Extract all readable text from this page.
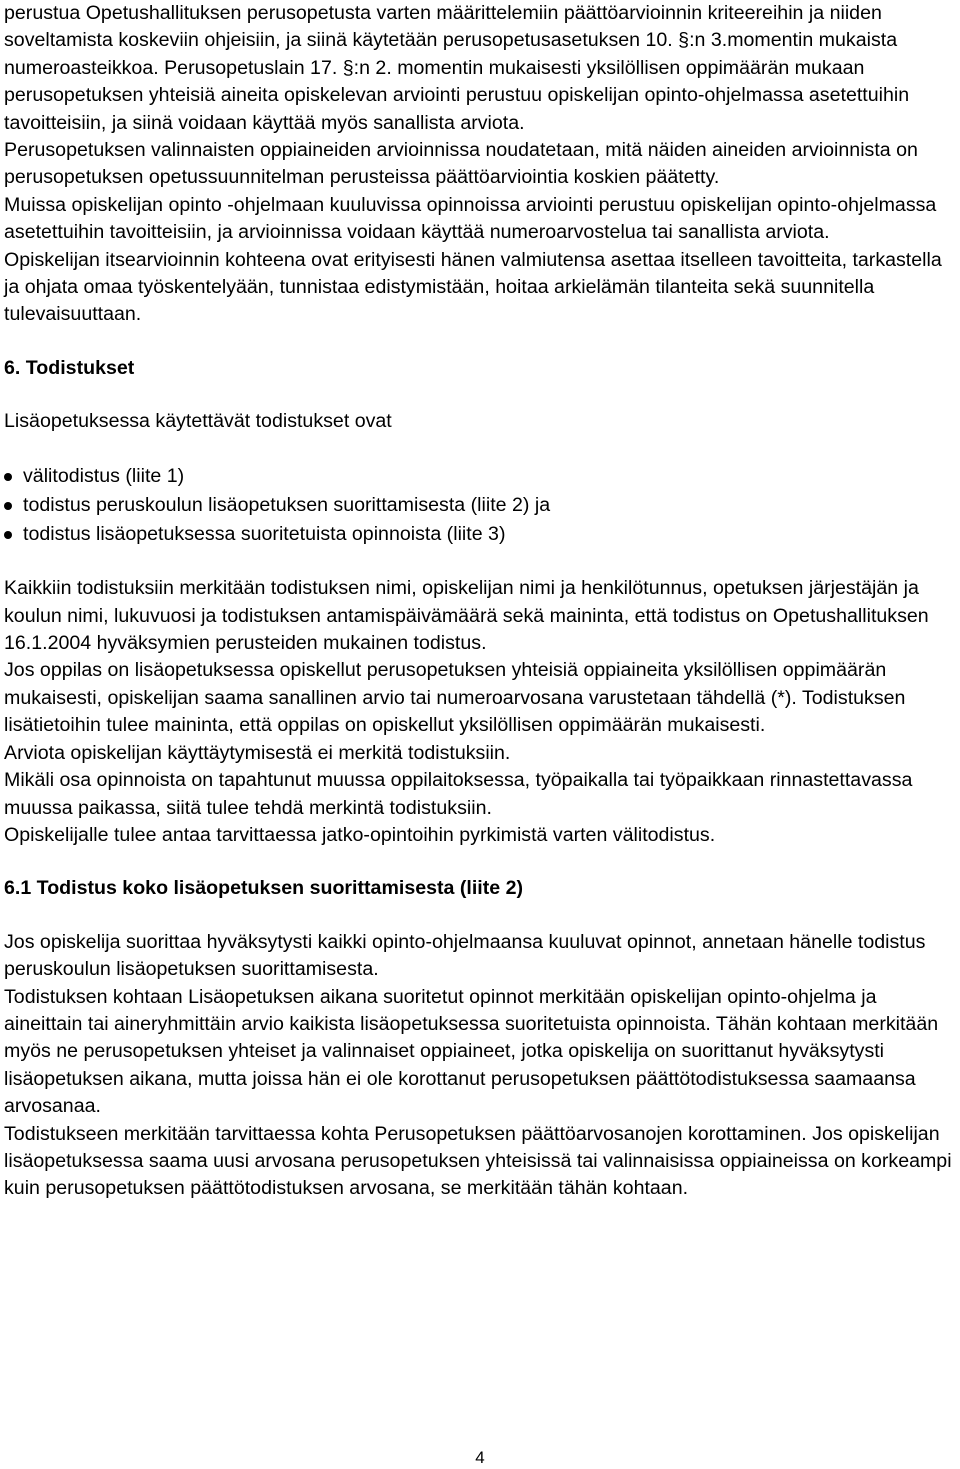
perustua Opetushallituksen perusopetusta varten määrittelemiin päättöarvioinnin kriteereihin ja niiden soveltamista koskeviin ohjeisiin, ja siinä käytetään perusopetusasetuksen 10. §:n 3.momentin mukaista numeroasteikkoa. Perusopetuslain 17. §:n 2. momentin mukaisesti yksilöllisen oppimäärän mukaan perusopetuksen yhteisiä aineita opiskelevan arviointi perustuu opiskelijan opinto-ohjelmassa asetettuihin tavoitteisiin, ja siinä voidaan käyttää myös sanallista arviota.

Perusopetuksen valinnaisten oppiaineiden arvioinnissa noudatetaan, mitä näiden aineiden arvioinnista on perusopetuksen opetussuunnitelman perusteissa päättöarviointia koskien päätetty.

Muissa opiskelijan opinto -ohjelmaan kuuluvissa opinnoissa arviointi perustuu opiskelijan opinto-ohjelmassa asetettuihin tavoitteisiin, ja arvioinnissa voidaan käyttää numeroarvostelua tai sanallista arviota.

Opiskelijan itsearvioinnin kohteena ovat erityisesti hänen valmiutensa asettaa itselleen tavoitteita, tarkastella ja ohjata omaa työskentelyään, tunnistaa edistymistään, hoitaa arkielämän tilanteita sekä suunnitella tulevaisuuttaan.

6. Todistukset

Lisäopetuksessa käytettävät todistukset ovat

välitodistus (liite 1)
todistus peruskoulun lisäopetuksen suorittamisesta (liite 2) ja
todistus lisäopetuksessa suoritetuista opinnoista (liite 3)

Kaikkiin todistuksiin merkitään todistuksen nimi, opiskelijan nimi ja henkilötunnus, opetuksen järjestäjän ja koulun nimi, lukuvuosi ja todistuksen antamispäivämäärä sekä maininta, että todistus on Opetushallituksen 16.1.2004 hyväksymien perusteiden mukainen todistus.

Jos oppilas on lisäopetuksessa opiskellut perusopetuksen yhteisiä oppiaineita yksilöllisen oppimäärän mukaisesti, opiskelijan saama sanallinen arvio tai numeroarvosana varustetaan tähdellä (*). Todistuksen lisätietoihin tulee maininta, että oppilas on opiskellut yksilöllisen oppimäärän mukaisesti.

Arviota opiskelijan käyttäytymisestä ei merkitä todistuksiin.

Mikäli osa opinnoista on tapahtunut muussa oppilaitoksessa, työpaikalla tai työpaikkaan rinnastettavassa muussa paikassa, siitä tulee tehdä merkintä todistuksiin.

Opiskelijalle tulee antaa tarvittaessa jatko-opintoihin pyrkimistä varten välitodistus.

6.1 Todistus koko lisäopetuksen suorittamisesta (liite 2)

Jos opiskelija suorittaa hyväksytysti kaikki opinto-ohjelmaansa kuuluvat opinnot, annetaan hänelle todistus peruskoulun lisäopetuksen suorittamisesta.

Todistuksen kohtaan Lisäopetuksen aikana suoritetut opinnot merkitään opiskelijan opinto-ohjelma ja aineittain tai aineryhmittäin arvio kaikista lisäopetuksessa suoritetuista opinnoista. Tähän kohtaan merkitään myös ne perusopetuksen yhteiset ja valinnaiset oppiaineet, jotka opiskelija on suorittanut hyväksytysti lisäopetuksen aikana, mutta joissa hän ei ole korottanut perusopetuksen päättötodistuksessa saamaansa arvosanaa.

Todistukseen merkitään tarvittaessa kohta Perusopetuksen päättöarvosanojen korottaminen. Jos opiskelijan lisäopetuksessa saama uusi arvosana perusopetuksen yhteisissä tai valinnaisissa oppiaineissa on korkeampi kuin perusopetuksen päättötodistuksen arvosana, se merkitään tähän kohtaan.

4
